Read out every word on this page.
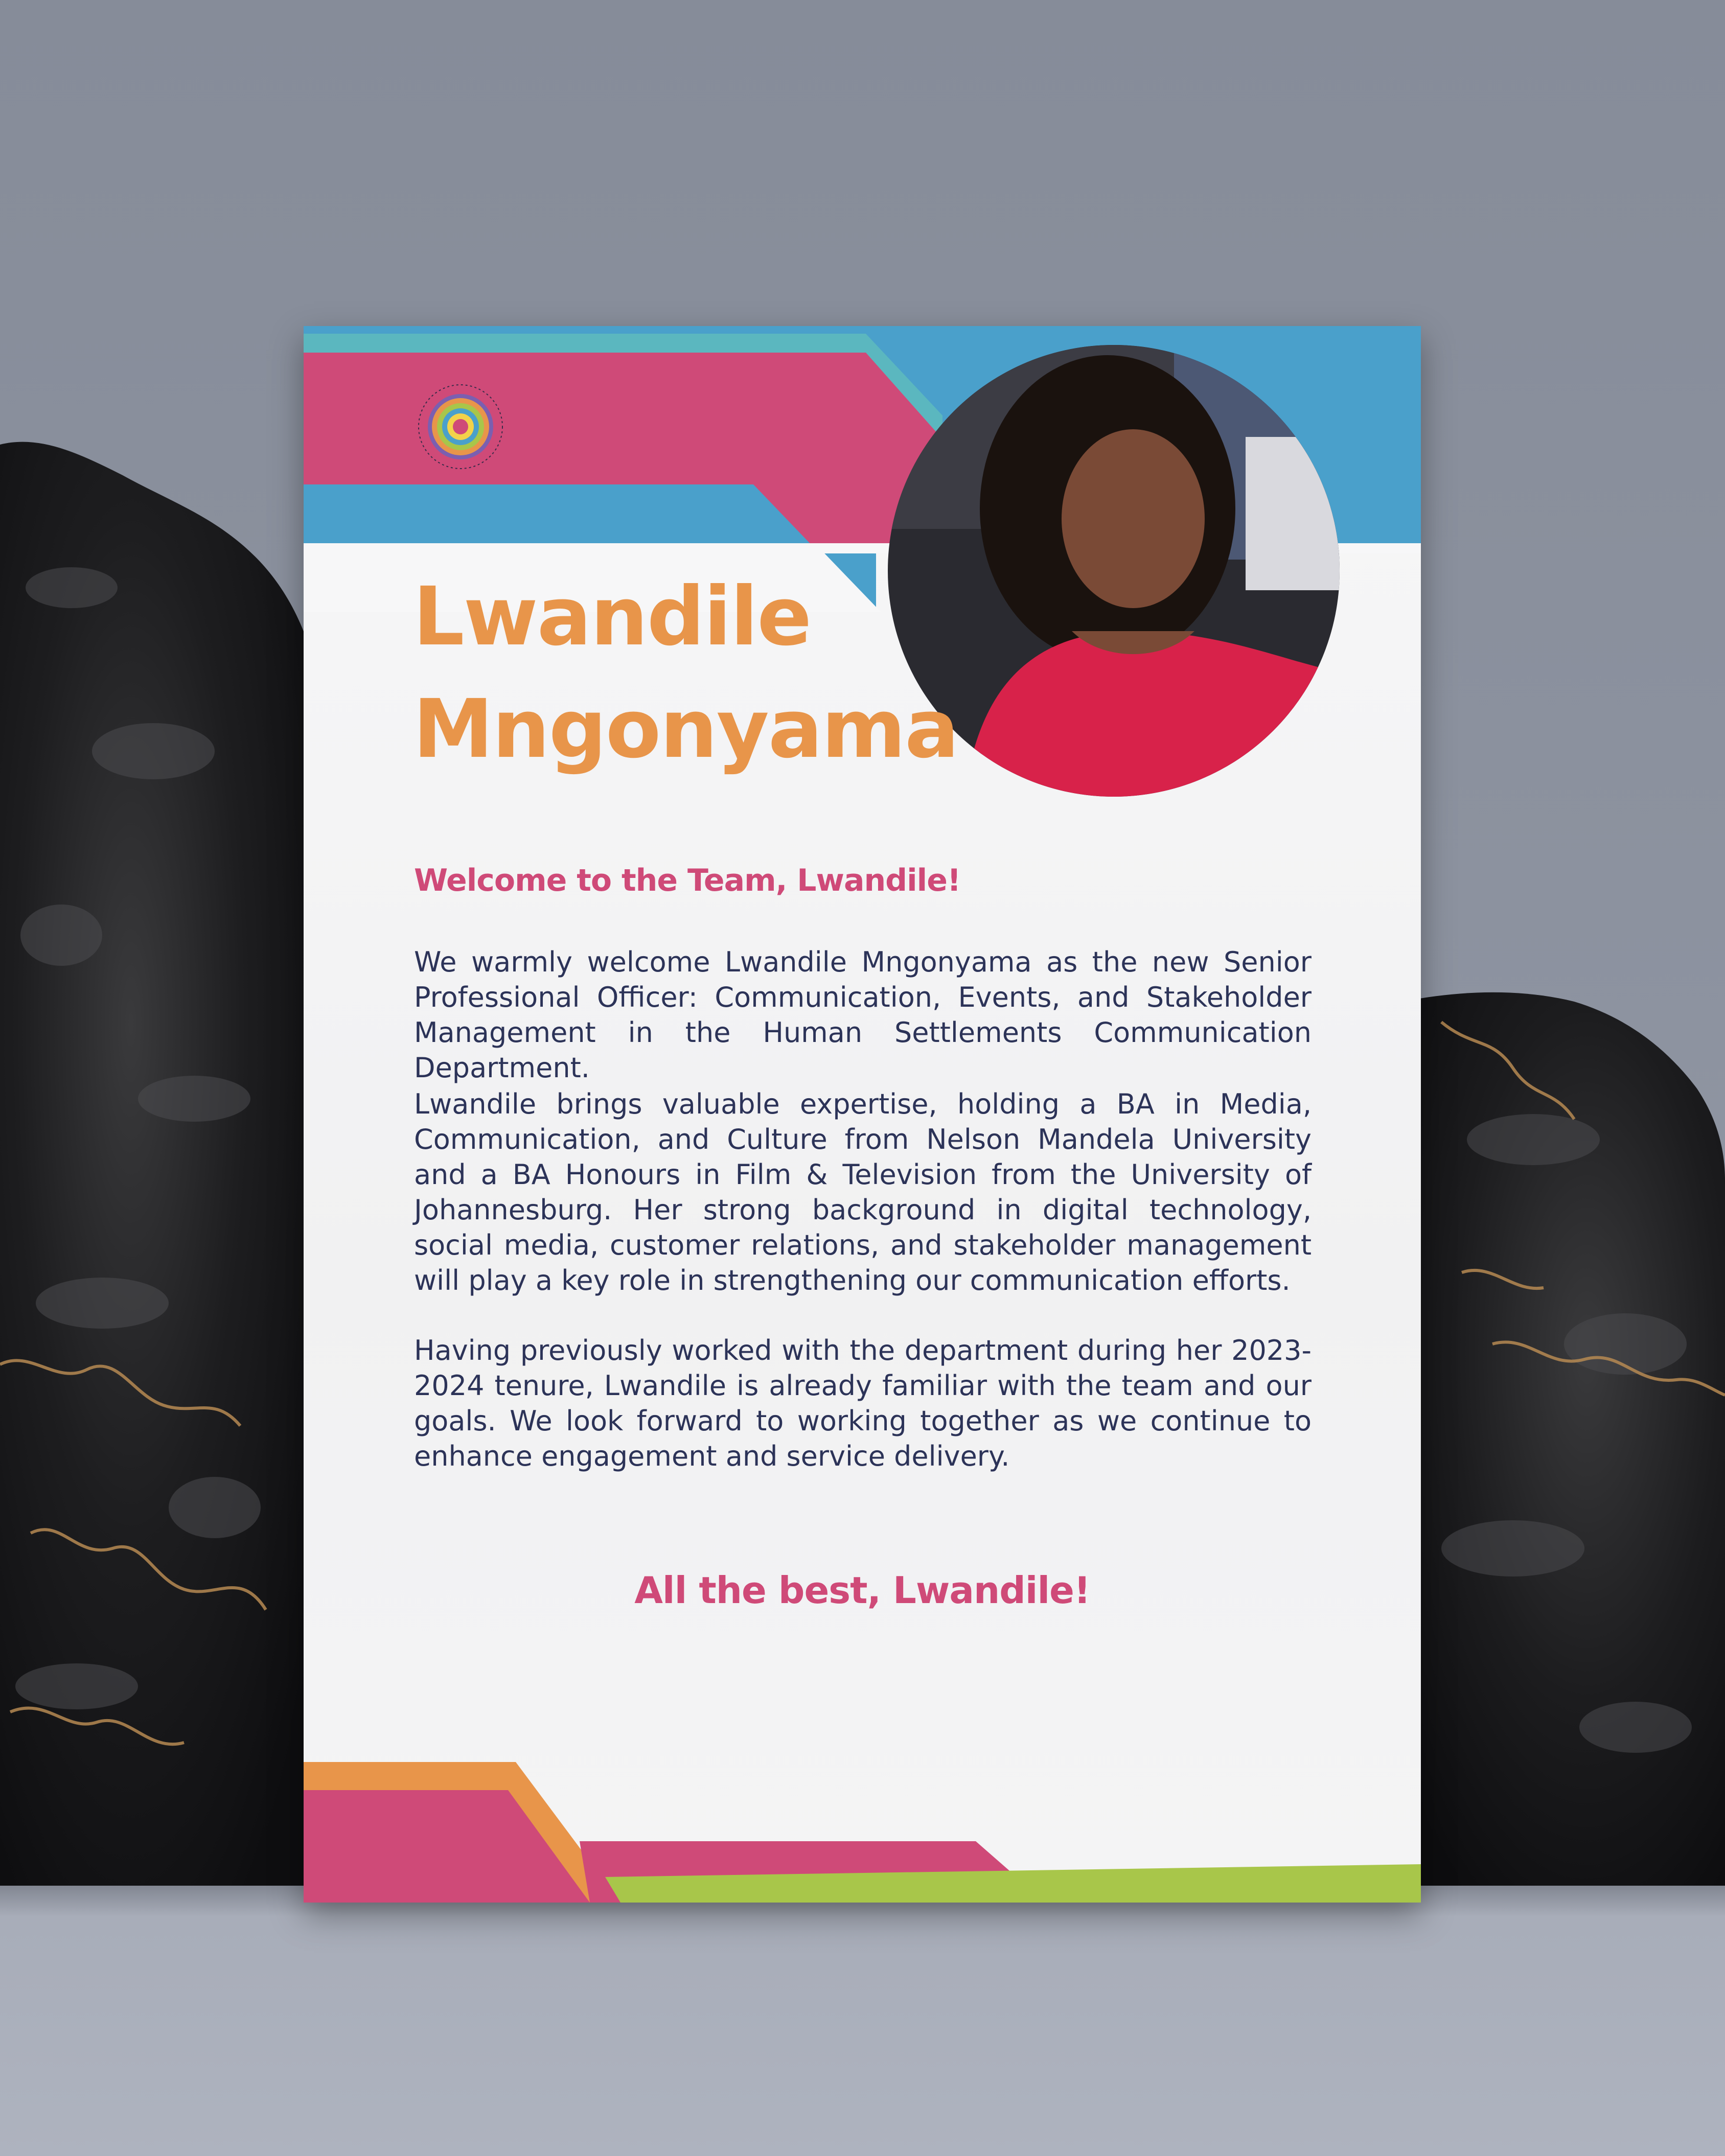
Lwandile
Mngonyama
Welcome to the Team, Lwandile!

We warmly welcome Lwandile Mngonyama as the new Senior Professional Officer: Communication, Events, and Stakeholder Management in the Human Settlements Communication Department.

Lwandile brings valuable expertise, holding a BA in Media, Communication, and Culture from Nelson Mandela University and a BA Honours in Film & Television from the University of Johannesburg. Her strong background in digital technology, social media, customer relations, and stakeholder management will play a key role in strengthening our communication efforts.

Having previously worked with the department during her 2023-2024 tenure, Lwandile is already familiar with the team and our goals. We look forward to working together as we continue to enhance engagement and service delivery.

All the best, Lwandile!
